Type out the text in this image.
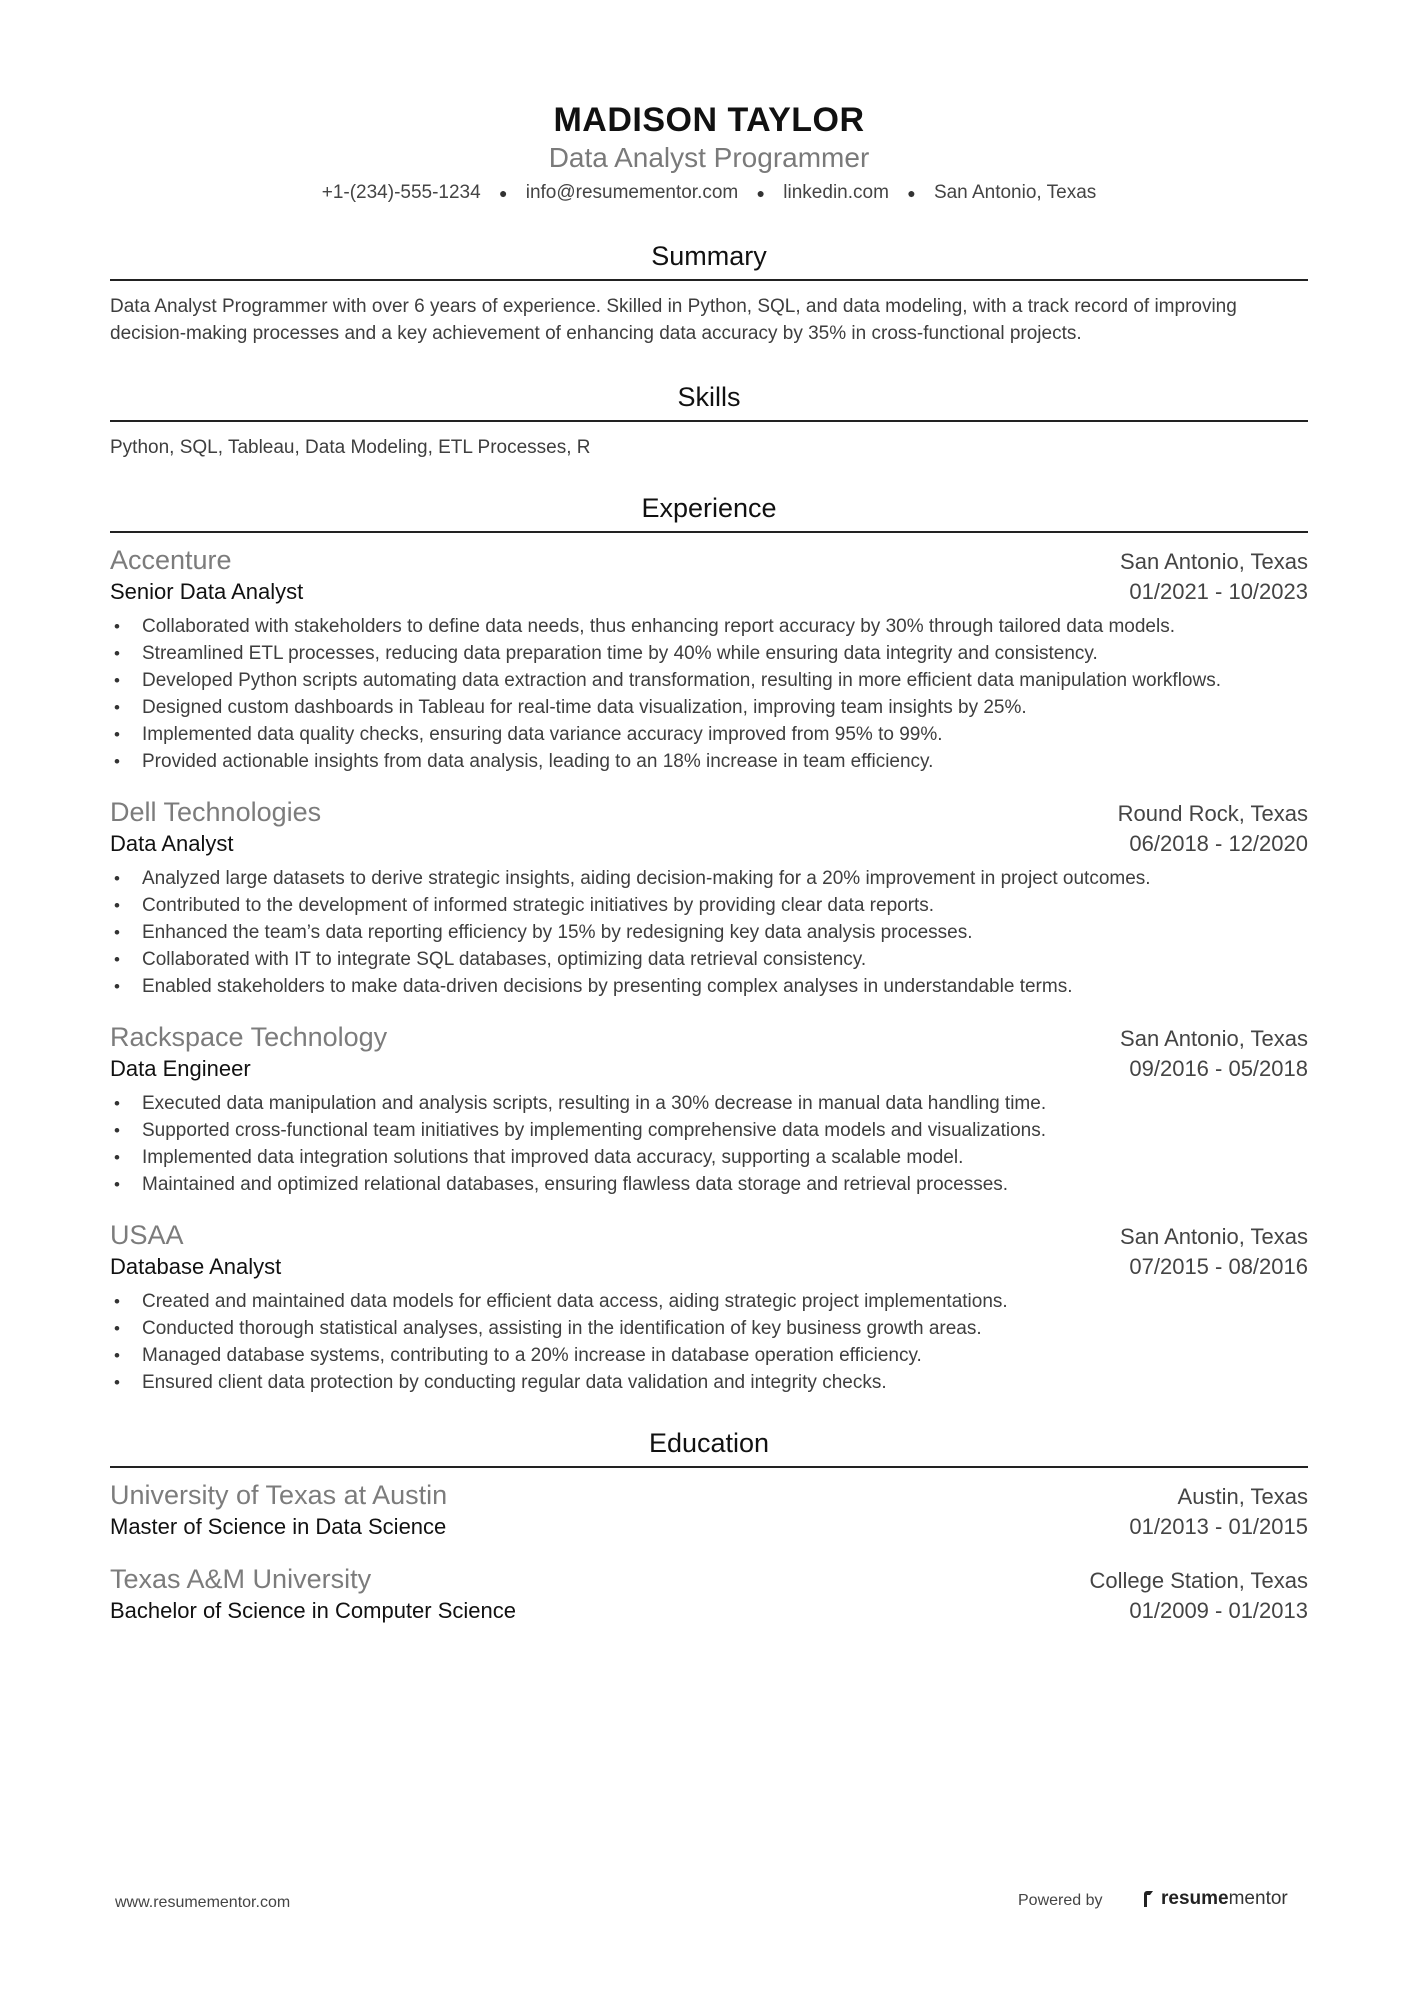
MADISON TAYLOR
Data Analyst Programmer
+1-(234)-555-1234 ● info@resumementor.com ● linkedin.com ● San Antonio, Texas
Summary
Data Analyst Programmer with over 6 years of experience. Skilled in Python, SQL, and data modeling, with a track record of improving decision-making processes and a key achievement of enhancing data accuracy by 35% in cross-functional projects.
Skills
Python, SQL, Tableau, Data Modeling, ETL Processes, R
Experience
Accenture	San Antonio, Texas
Senior Data Analyst	01/2021 - 10/2023
• Collaborated with stakeholders to define data needs, thus enhancing report accuracy by 30% through tailored data models.
• Streamlined ETL processes, reducing data preparation time by 40% while ensuring data integrity and consistency.
• Developed Python scripts automating data extraction and transformation, resulting in more efficient data manipulation workflows.
• Designed custom dashboards in Tableau for real-time data visualization, improving team insights by 25%.
• Implemented data quality checks, ensuring data variance accuracy improved from 95% to 99%.
• Provided actionable insights from data analysis, leading to an 18% increase in team efficiency.
Dell Technologies	Round Rock, Texas
Data Analyst	06/2018 - 12/2020
• Analyzed large datasets to derive strategic insights, aiding decision-making for a 20% improvement in project outcomes.
• Contributed to the development of informed strategic initiatives by providing clear data reports.
• Enhanced the team’s data reporting efficiency by 15% by redesigning key data analysis processes.
• Collaborated with IT to integrate SQL databases, optimizing data retrieval consistency.
• Enabled stakeholders to make data-driven decisions by presenting complex analyses in understandable terms.
Rackspace Technology	San Antonio, Texas
Data Engineer	09/2016 - 05/2018
• Executed data manipulation and analysis scripts, resulting in a 30% decrease in manual data handling time.
• Supported cross-functional team initiatives by implementing comprehensive data models and visualizations.
• Implemented data integration solutions that improved data accuracy, supporting a scalable model.
• Maintained and optimized relational databases, ensuring flawless data storage and retrieval processes.
USAA	San Antonio, Texas
Database Analyst	07/2015 - 08/2016
• Created and maintained data models for efficient data access, aiding strategic project implementations.
• Conducted thorough statistical analyses, assisting in the identification of key business growth areas.
• Managed database systems, contributing to a 20% increase in database operation efficiency.
• Ensured client data protection by conducting regular data validation and integrity checks.
Education
University of Texas at Austin	Austin, Texas
Master of Science in Data Science	01/2013 - 01/2015
Texas A&M University	College Station, Texas
Bachelor of Science in Computer Science	01/2009 - 01/2013
www.resumementor.com	Powered by	resume mentor
